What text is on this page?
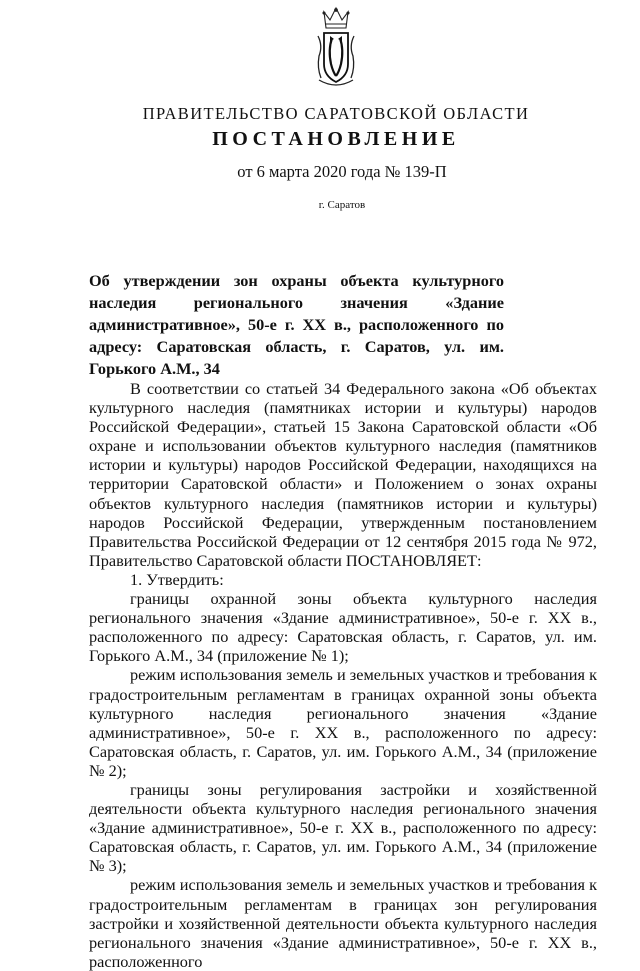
ПРАВИТЕЛЬСТВО САРАТОВСКОЙ ОБЛАСТИ
ПОСТАНОВЛЕНИЕ
от 6 марта 2020 года № 139-П
г. Саратов
Об утверждении зон охраны объекта культурного наследия регионального значения «Здание административное», 50-е г. XX в., расположенного по адресу: Саратовская область, г. Саратов, ул. им. Горького А.М., 34

В соответствии со статьей 34 Федерального закона «Об объектах культурного наследия (памятниках истории и культуры) народов Российской Федерации», статьей 15 Закона Саратовской области «Об охране и использовании объектов культурного наследия (памятников истории и культуры) народов Российской Федерации, находящихся на территории Саратовской области» и Положением о зонах охраны объектов культурного наследия (памятников истории и культуры) народов Российской Федерации, утвержденным постановлением Правительства Российской Федерации от 12 сентября 2015 года № 972, Правительство Саратовской области ПОСТАНОВЛЯЕТ:

1. Утвердить:

границы охранной зоны объекта культурного наследия регионального значения «Здание административное», 50-е г. XX в., расположенного по адресу: Саратовская область, г. Саратов, ул. им. Горького А.М., 34 (приложение № 1);

режим использования земель и земельных участков и требования к градостроительным регламентам в границах охранной зоны объекта культурного наследия регионального значения «Здание административное», 50-е г. XX в., расположенного по адресу: Саратовская область, г. Саратов, ул. им. Горького А.М., 34 (приложение № 2);

границы зоны регулирования застройки и хозяйственной деятельности объекта культурного наследия регионального значения «Здание административное», 50-е г. XX в., расположенного по адресу: Саратовская область, г. Саратов, ул. им. Горького А.М., 34 (приложение № 3);

режим использования земель и земельных участков и требования к градостроительным регламентам в границах зон регулирования застройки и хозяйственной деятельности объекта культурного наследия регионального значения «Здание административное», 50-е г. XX в., расположенного
